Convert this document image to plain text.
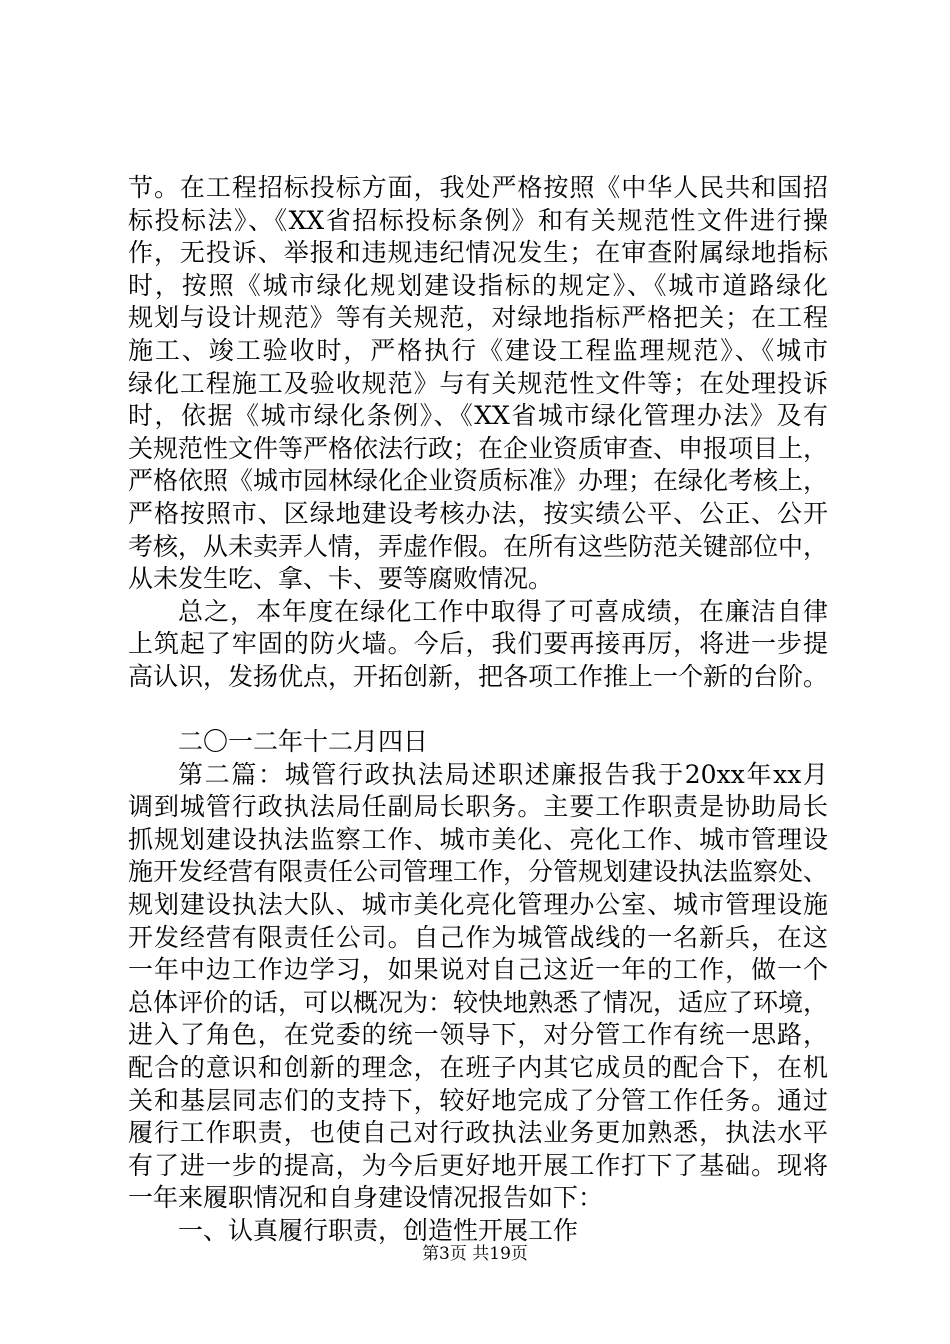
节。在工程招标投标方面，我处严格按照《中华人民共和国招
标投标法》、《XX省招标投标条例》和有关规范性文件进行操
作，无投诉、举报和违规违纪情况发生；在审查附属绿地指标
时，按照《城市绿化规划建设指标的规定》、《城市道路绿化
规划与设计规范》等有关规范，对绿地指标严格把关；在工程
施工、竣工验收时，严格执行《建设工程监理规范》、《城市
绿化工程施工及验收规范》与有关规范性文件等；在处理投诉
时，依据《城市绿化条例》、《XX省城市绿化管理办法》及有
关规范性文件等严格依法行政；在企业资质审查、申报项目上，
严格依照《城市园林绿化企业资质标准》办理；在绿化考核上，
严格按照市、区绿地建设考核办法，按实绩公平、公正、公开
考核，从未卖弄人情，弄虚作假。在所有这些防范关键部位中，
从未发生吃、拿、卡、要等腐败情况。
总之，本年度在绿化工作中取得了可喜成绩，在廉洁自律
上筑起了牢固的防火墙。今后，我们要再接再厉，将进一步提
高认识，发扬优点，开拓创新，把各项工作推上一个新的台阶。
二〇一二年十二月四日
第二篇：城管行政执法局述职述廉报告我于20xx年xx月
调到城管行政执法局任副局长职务。主要工作职责是协助局长
抓规划建设执法监察工作、城市美化、亮化工作、城市管理设
施开发经营有限责任公司管理工作，分管规划建设执法监察处、
规划建设执法大队、城市美化亮化管理办公室、城市管理设施
开发经营有限责任公司。自己作为城管战线的一名新兵，在这
一年中边工作边学习，如果说对自己这近一年的工作，做一个
总体评价的话，可以概况为：较快地熟悉了情况，适应了环境，
进入了角色，在党委的统一领导下，对分管工作有统一思路，
配合的意识和创新的理念，在班子内其它成员的配合下，在机
关和基层同志们的支持下，较好地完成了分管工作任务。通过
履行工作职责，也使自己对行政执法业务更加熟悉，执法水平
有了进一步的提高，为今后更好地开展工作打下了基础。现将
一年来履职情况和自身建设情况报告如下：
一、认真履行职责，创造性开展工作
第3页 共19页
